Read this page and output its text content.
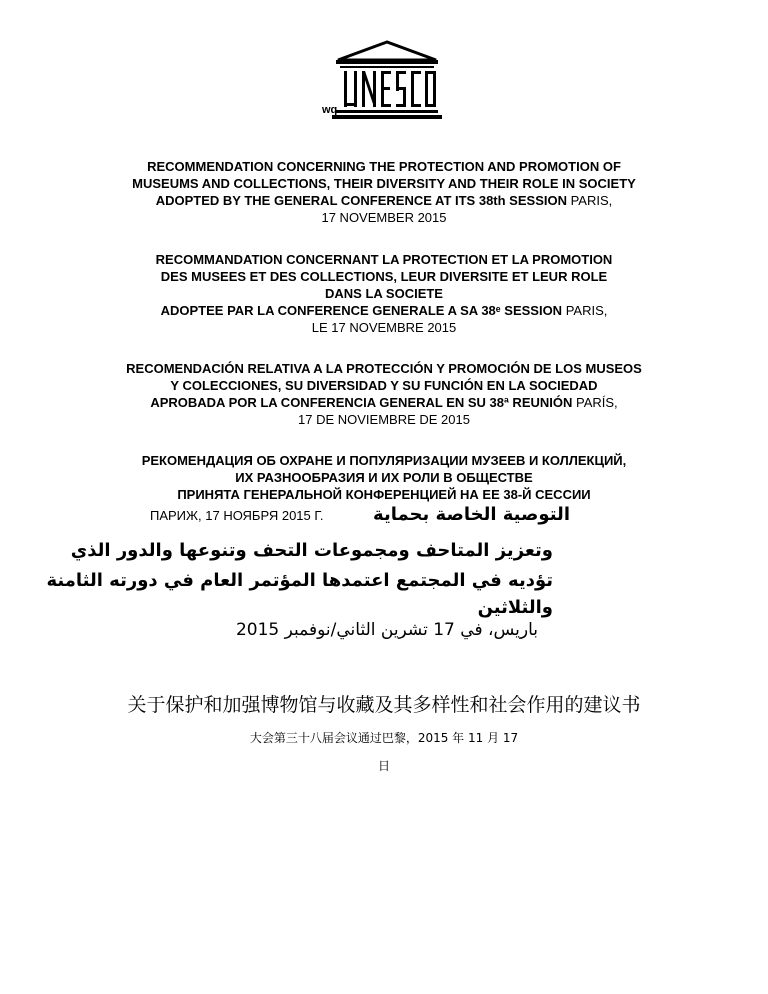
wq
RECOMMENDATION CONCERNING THE PROTECTION AND PROMOTION OF
MUSEUMS AND COLLECTIONS, THEIR DIVERSITY AND THEIR ROLE IN SOCIETY
ADOPTED BY THE GENERAL CONFERENCE AT ITS 38th SESSION PARIS,
17 NOVEMBER 2015
RECOMMANDATION CONCERNANT LA PROTECTION ET LA PROMOTION
DES MUSEES ET DES COLLECTIONS, LEUR DIVERSITE ET LEUR ROLE
DANS LA SOCIETE
ADOPTEE PAR LA CONFERENCE GENERALE A SA 38ᵉ SESSION PARIS,
LE 17 NOVEMBRE 2015
RECOMENDACIÓN RELATIVA A LA PROTECCIÓN Y PROMOCIÓN DE LOS MUSEOS
Y COLECCIONES, SU DIVERSIDAD Y SU FUNCIÓN EN LA SOCIEDAD
APROBADA POR LA CONFERENCIA GENERAL EN SU 38ª REUNIÓN PARÍS,
17 DE NOVIEMBRE DE 2015
РЕКОМЕНДАЦИЯ ОБ ОХРАНЕ И ПОПУЛЯРИЗАЦИИ МУЗЕЕВ И КОЛЛЕКЦИЙ,
ИХ РАЗНООБРАЗИЯ И ИХ РОЛИ В ОБЩЕСТВЕ
ПРИНЯТА ГЕНЕРАЛЬНОЙ КОНФЕРЕНЦИЕЙ НА ЕЕ 38-Й СЕССИИ
التوصية الخاصة بحماية
ПАРИЖ, 17 НОЯБРЯ 2015 Г.
وتعزيز المتاحف ومجموعات التحف وتنوعها والدور الذي
تؤديه في المجتمع اعتمدها المؤتمر العام في دورته الثامنة
والثلاثين
باريس، في 17 تشرين الثاني/نوفمبر 2015
关于保护和加强博物馆与收藏及其多样性和社会作用的建议书
大会第三十八届会议通过巴黎，2015 年 11 月 17
日
